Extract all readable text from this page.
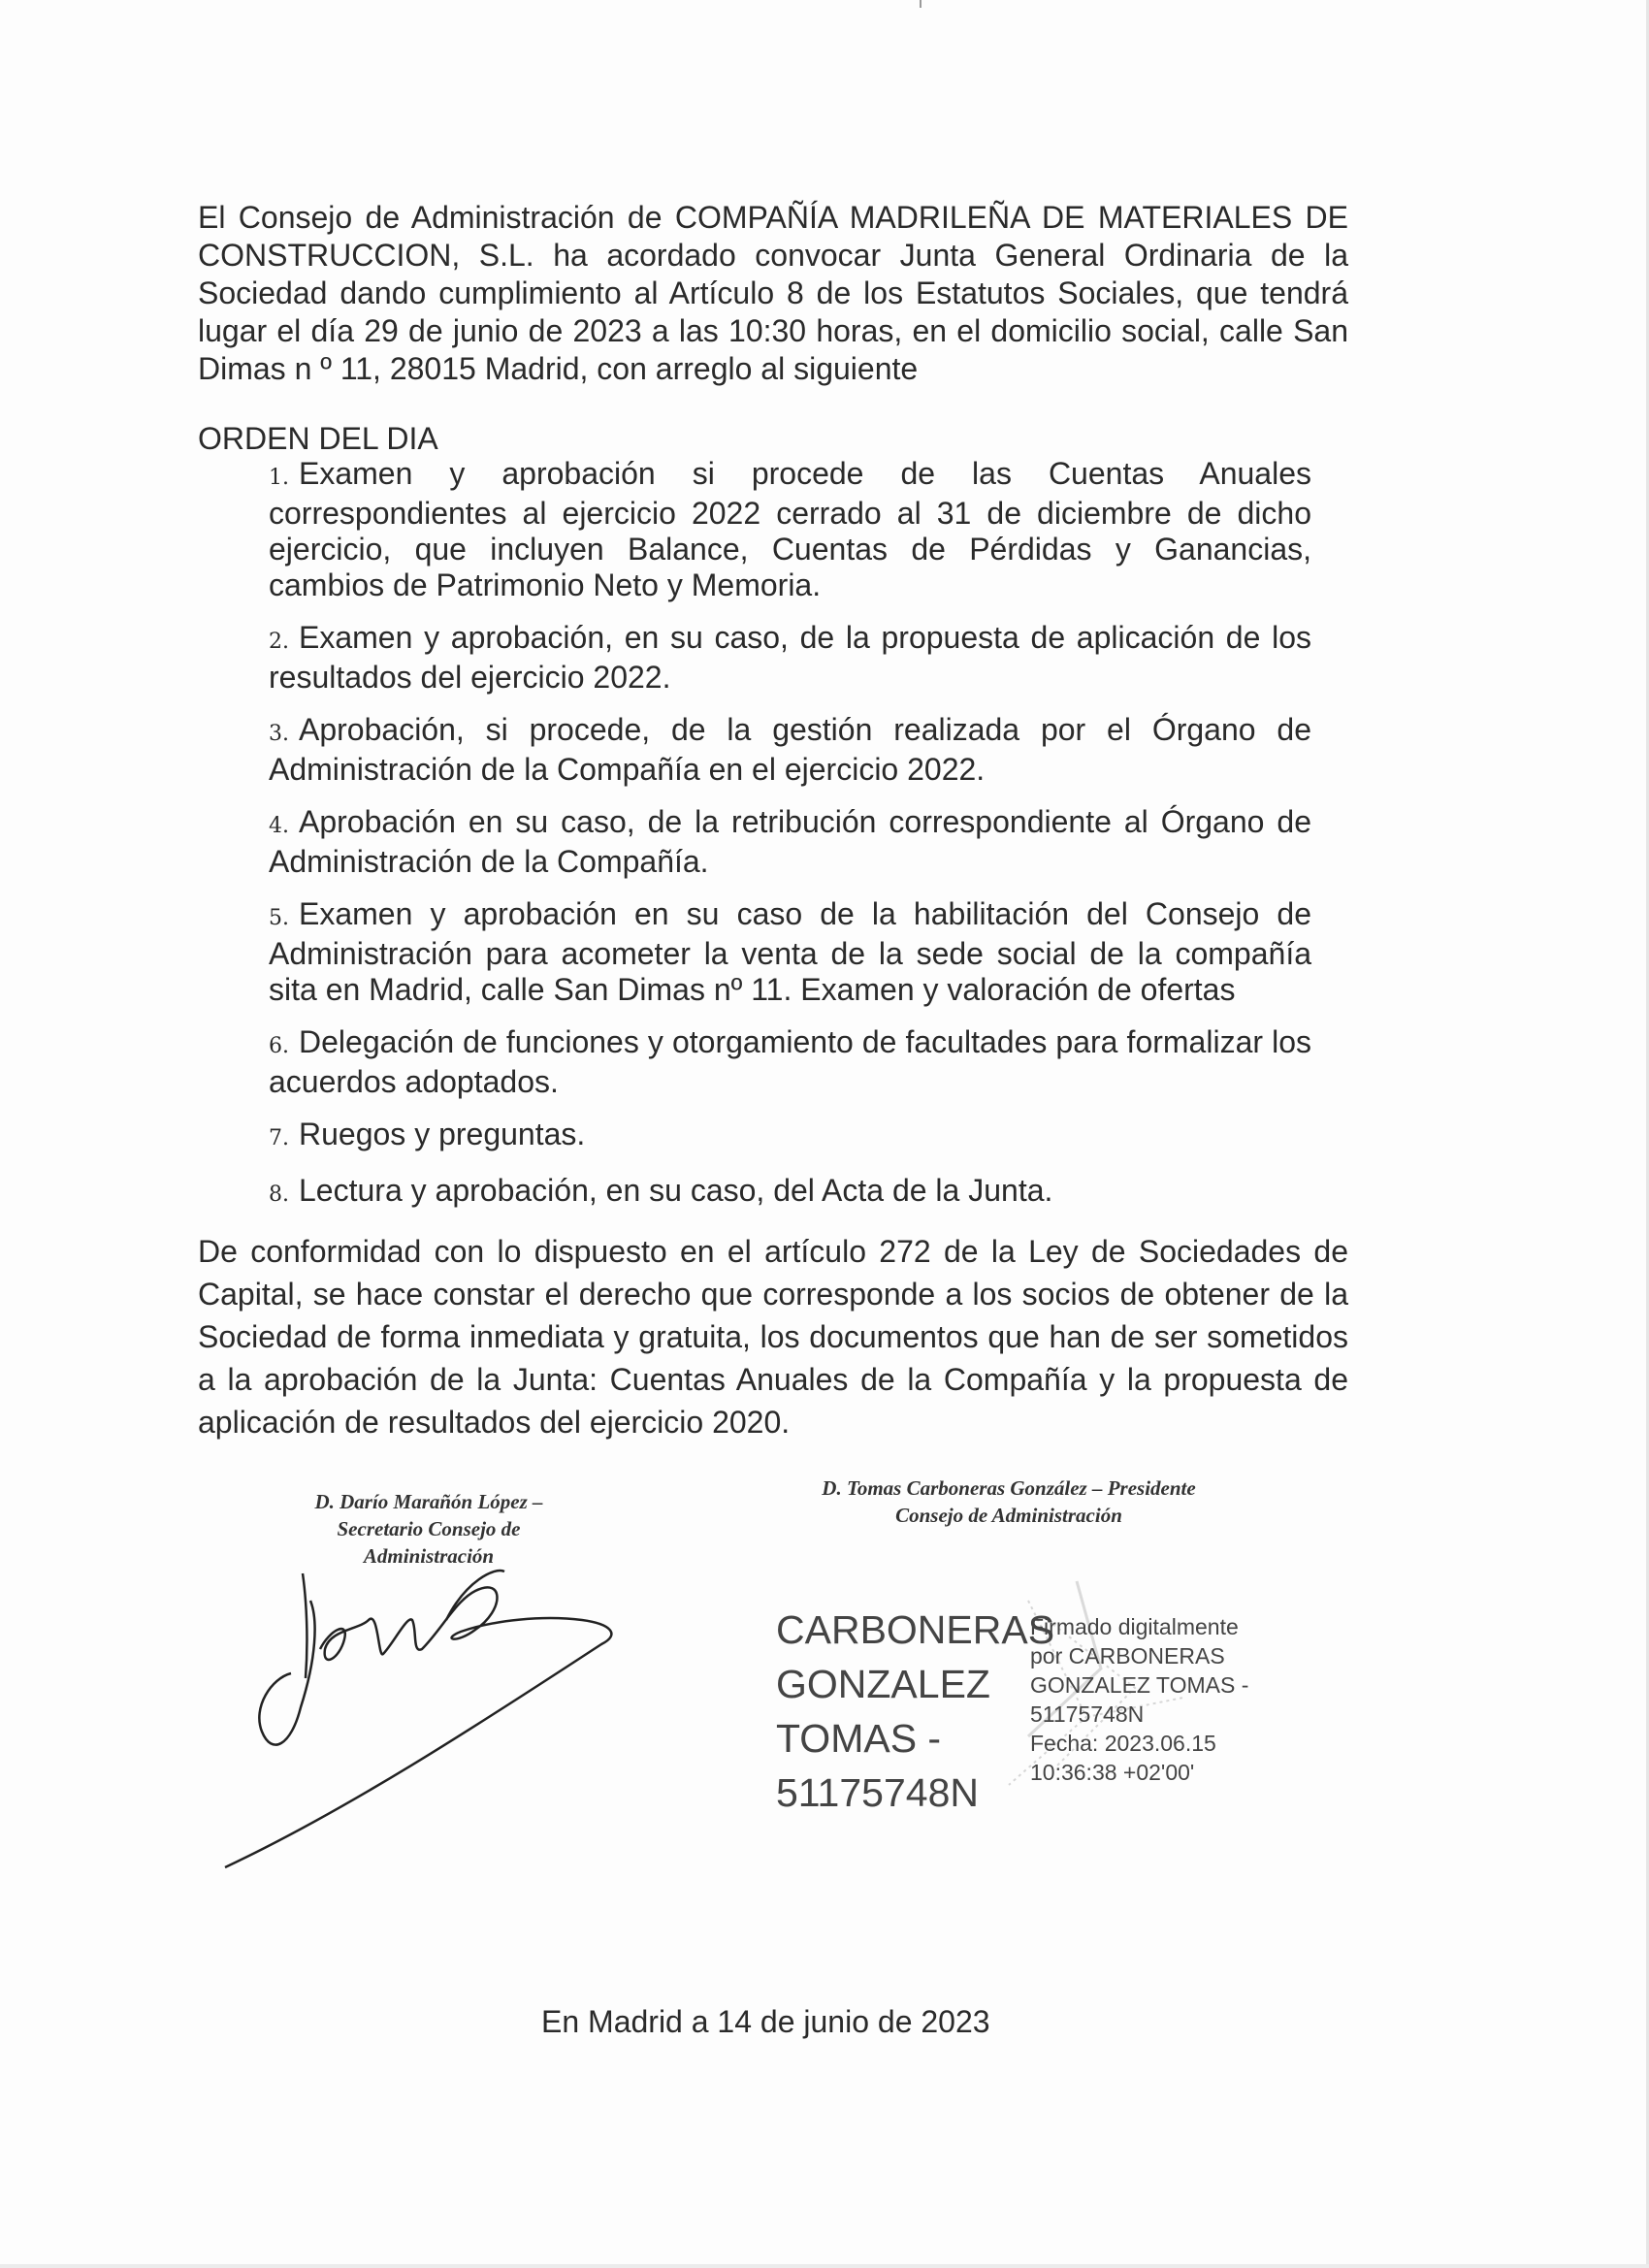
El Consejo de Administración de COMPAÑÍA MADRILEÑA DE MATERIALES DE CONSTRUCCION, S.L. ha acordado convocar Junta General Ordinaria de la Sociedad dando cumplimiento al Artículo 8 de los Estatutos Sociales, que tendrá lugar el día 29 de junio de 2023 a las 10:30 horas, en el domicilio social, calle San Dimas n º 11, 28015 Madrid, con arreglo al siguiente

ORDEN DEL DIA

1. Examen y aprobación si procede de las Cuentas Anuales correspondientes al ejercicio 2022 cerrado al 31 de diciembre de dicho ejercicio, que incluyen Balance, Cuentas de Pérdidas y Ganancias, cambios de Patrimonio Neto y Memoria.
2. Examen y aprobación, en su caso, de la propuesta de aplicación de los resultados del ejercicio 2022.
3. Aprobación, si procede, de la gestión realizada por el Órgano de Administración de la Compañía en el ejercicio 2022.
4. Aprobación en su caso, de la retribución correspondiente al Órgano de Administración de la Compañía.
5. Examen y aprobación en su caso de la habilitación del Consejo de Administración para acometer la venta de la sede social de la compañía sita en Madrid, calle San Dimas nº 11. Examen y valoración de ofertas
6. Delegación de funciones y otorgamiento de facultades para formalizar los acuerdos adoptados.
7. Ruegos y preguntas.
8. Lectura y aprobación, en su caso, del Acta de la Junta.

De conformidad con lo dispuesto en el artículo 272 de la Ley de Sociedades de Capital, se hace constar el derecho que corresponde a los socios de obtener de la Sociedad de forma inmediata y gratuita, los documentos que han de ser sometidos a la aprobación de la Junta: Cuentas Anuales de la Compañía y la propuesta de aplicación de resultados del ejercicio 2020.

D. Darío Marañón López – Secretario Consejo de Administración

D. Tomas Carboneras González – Presidente Consejo de Administración

CARBONERAS
GONZALEZ
TOMAS -
51175748N

Firmado digitalmente
por CARBONERAS
GONZALEZ TOMAS -
51175748N
Fecha: 2023.06.15
10:36:38 +02'00'

En Madrid a 14 de junio de 2023
